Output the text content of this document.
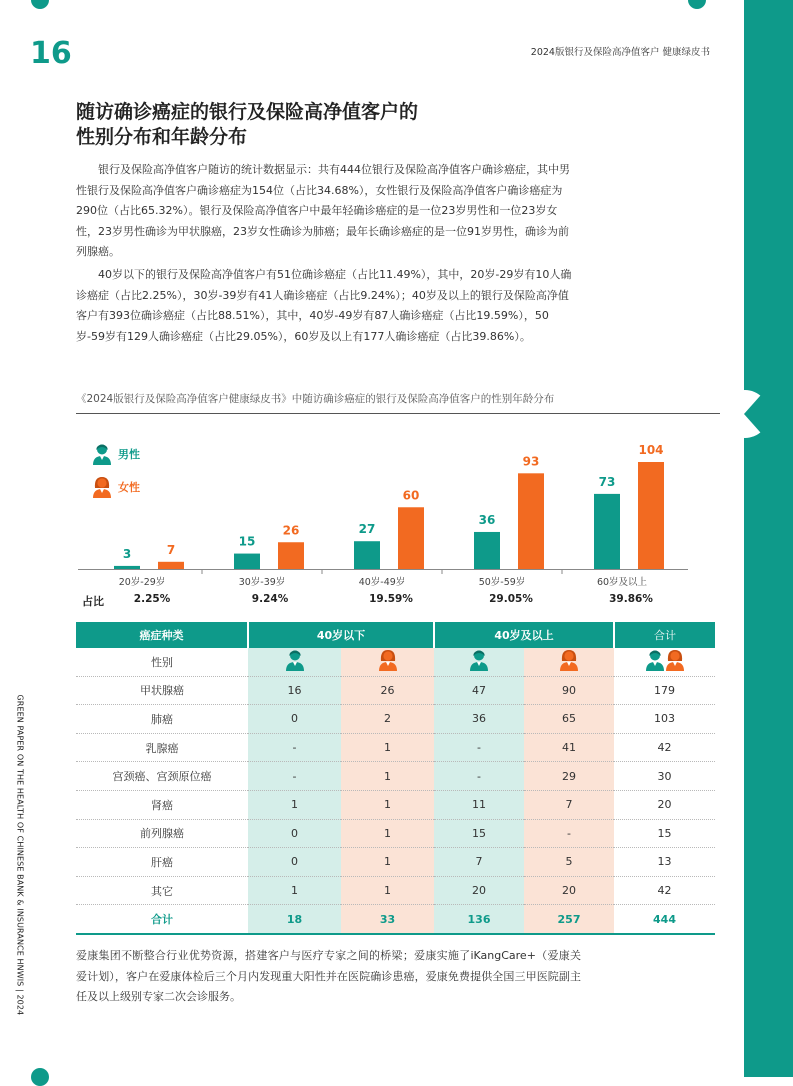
16	2024版银行及保险高净值客户 健康绿皮书
随访确诊癌症的银行及保险高净值客户的
性别分布和年龄分布
银行及保险高净值客户随访的统计数据显示：共有444位银行及保险高净值客户确诊癌症，其中男性银行及保险高净值客户确诊癌症为154位（占比34.68%），女性银行及保险高净值客户确诊癌症为290位（占比65.32%）。银行及保险高净值客户中最年轻确诊癌症的是一位23岁男性和一位23岁女性，23岁男性确诊为甲状腺癌，23岁女性确诊为肺癌；最年长确诊癌症的是一位91岁男性，确诊为前列腺癌。
40岁以下的银行及保险高净值客户有51位确诊癌症（占比11.49%），其中，20岁-29岁有10人确诊癌症（占比2.25%），30岁-39岁有41人确诊癌症（占比9.24%）；40岁及以上的银行及保险高净值客户有393位确诊癌症（占比88.51%），其中，40岁-49岁有87人确诊癌症（占比19.59%），50岁-59岁有129人确诊癌症（占比29.05%），60岁及以上有177人确诊癌症（占比39.86%）。
《2024版银行及保险高净值客户健康绿皮书》中随访确诊癌症的银行及保险高净值客户的性别年龄分布
男性
女性
3	7
20岁-29岁
15
26
30岁-39岁
27
60
40岁-49岁
36
93
50岁-59岁
73
104
60岁及以上
占比	2.25%	9.24%	19.59%	29.05%	39.86%
癌症种类	40岁以下		40岁及以上		合计
性别					
甲状腺癌	16	26	47	90	179
肺癌	0	2	36	65	103
乳腺癌	-	1	-	41	42
宫颈癌、宫颈原位癌	-	1	-	29	30
肾癌	1	1	11	7	20
前列腺癌	0	1	15	-	15
肝癌	0	1	7	5	13
其它	1	1	20	20	42
合计	18	33	136	257	444
GREEN PAPER ON THE HEALTH OF CHINESE BANK & INSURANCE HNWIS | 2024	爱康集团不断整合行业优势资源，搭建客户与医疗专家之间的桥梁；爱康实施了iKangCare+（爱康关爱计划），客户在爱康体检后三个月内发现重大阳性并在医院确诊患癌，爱康免费提供全国三甲医院副主任及以上级别专家二次会诊服务。
